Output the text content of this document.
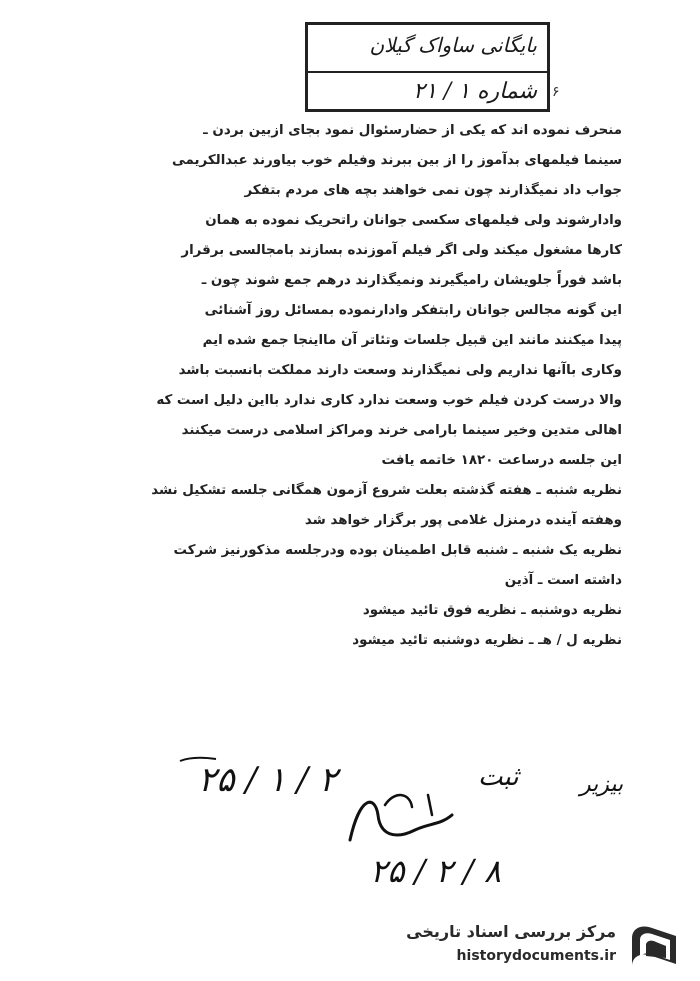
بایگانی ساواک گیلان
شماره ۱ / ۲۱ ۶
منحرف نموده اند که یکی از حضارسئوال نمود بجای ازبین بردن ـ
سینما فیلمهای بدآموز را از بین ببرند وفیلم خوب بیاورند عبدالکریمی
جواب داد نمیگذارند چون نمی خواهند بچه های مردم بتفکر
وادارشوند ولی فیلمهای سکسی جوانان راتحریک نموده به همان
کارها مشغول میکند ولی اگر فیلم آموزنده بسازند بامجالسی برقرار
باشد فوراً جلویشان رامیگیرند ونمیگذارند درهم جمع شوند چون ـ
این گونه مجالس جوانان رابتفکر وادارنموده بمسائل روز آشنائی
پیدا میکنند مانند این قبیل جلسات وتئاتر آن مااینجا جمع شده ایم
وکاری باآنها نداریم ولی نمیگذارند وسعت دارند مملکت بانسبت باشد
والا درست کردن فیلم خوب وسعت ندارد کاری ندارد بااین دلیل است که
اهالی متدین وخیر سینما بارامی خرند ومراکز اسلامی درست میکنند
این جلسه درساعت ۱۸۲۰ خاتمه یافت
نظریه شنبه ـ هفته گذشته بعلت شروع آزمون همگانی جلسه تشکیل نشد
وهفته آینده درمنزل غلامی پور برگزار خواهد شد
نظریه یک شنبه ـ شنبه قابل اطمینان بوده ودرجلسه مذکورنیز شرکت
داشته است ـ آذین
نظریه دوشنبه ـ نظریه فوق تائید میشود
نظریه ل / هـ ـ نظریه دوشنبه تائید میشود
۲ / ۱ / ۲۵	ثبت	بیزیر
۸ / ۲ / ۲۵
مرکز بررسی اسناد تاریخی
historydocuments.ir
